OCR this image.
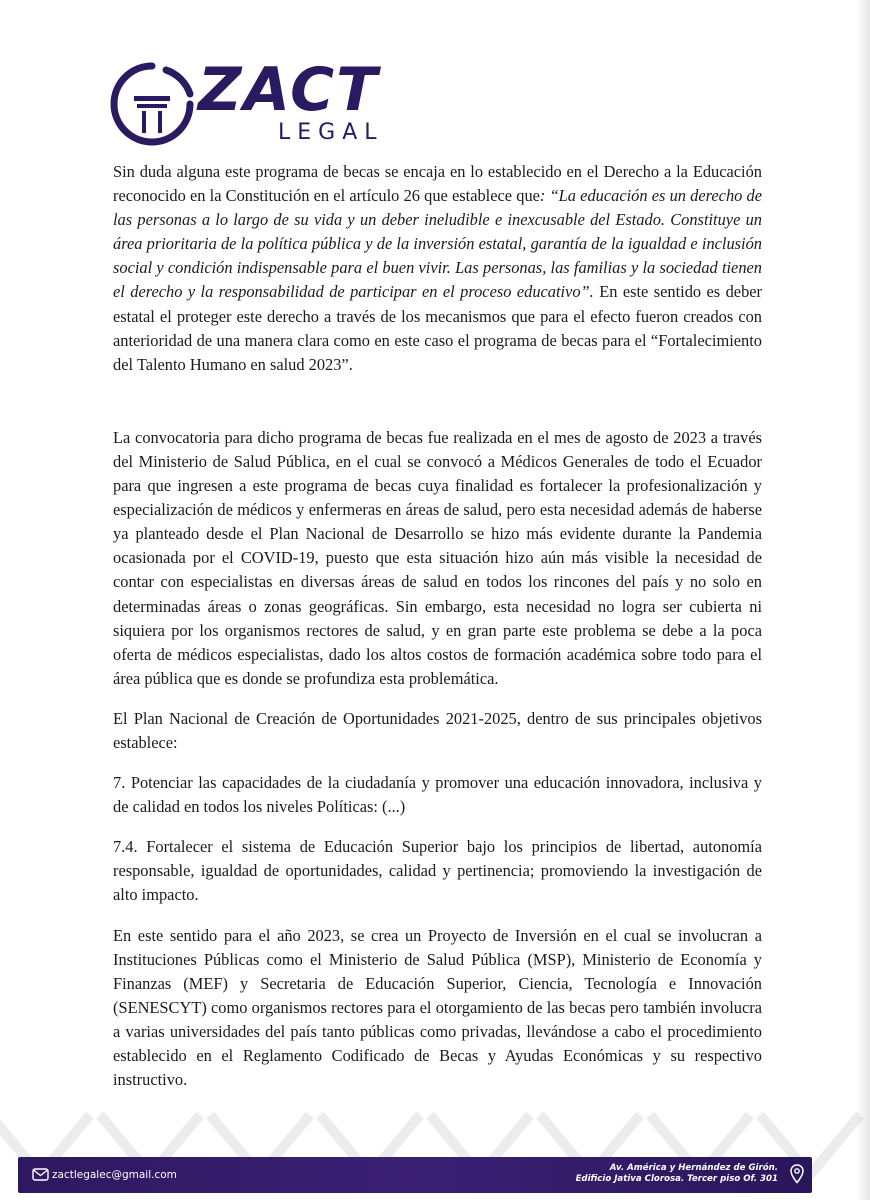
ZACT
LEGAL

Sin duda alguna este programa de becas se encaja en lo establecido en el Derecho a la Educación reconocido en la Constitución en el artículo 26 que establece que: “La educación es un derecho de las personas a lo largo de su vida y un deber ineludible e inexcusable del Estado. Constituye un área prioritaria de la política pública y de la inversión estatal, garantía de la igualdad e inclusión social y condición indispensable para el buen vivir. Las personas, las familias y la sociedad tienen el derecho y la responsabilidad de participar en el proceso educativo”. En este sentido es deber estatal el proteger este derecho a través de los mecanismos que para el efecto fueron creados con anterioridad de una manera clara como en este caso el programa de becas para el “Fortalecimiento del Talento Humano en salud 2023”.

La convocatoria para dicho programa de becas fue realizada en el mes de agosto de 2023 a través del Ministerio de Salud Pública, en el cual se convocó a Médicos Generales de todo el Ecuador para que ingresen a este programa de becas cuya finalidad es fortalecer la profesionalización y especialización de médicos y enfermeras en áreas de salud, pero esta necesidad además de haberse ya planteado desde el Plan Nacional de Desarrollo se hizo más evidente durante la Pandemia ocasionada por el COVID-19, puesto que esta situación hizo aún más visible la necesidad de contar con especialistas en diversas áreas de salud en todos los rincones del país y no solo en determinadas áreas o zonas geográficas. Sin embargo, esta necesidad no logra ser cubierta ni siquiera por los organismos rectores de salud, y en gran parte este problema se debe a la poca oferta de médicos especialistas, dado los altos costos de formación académica sobre todo para el área pública que es donde se profundiza esta problemática.

El Plan Nacional de Creación de Oportunidades 2021-2025, dentro de sus principales objetivos establece:

7. Potenciar las capacidades de la ciudadanía y promover una educación innovadora, inclusiva y de calidad en todos los niveles Políticas: (...)

7.4. Fortalecer el sistema de Educación Superior bajo los principios de libertad, autonomía responsable, igualdad de oportunidades, calidad y pertinencia; promoviendo la investigación de alto impacto.

En este sentido para el año 2023, se crea un Proyecto de Inversión en el cual se involucran a Instituciones Públicas como el Ministerio de Salud Pública (MSP), Ministerio de Economía y Finanzas (MEF) y Secretaria de Educación Superior, Ciencia, Tecnología e Innovación (SENESCYT) como organismos rectores para el otorgamiento de las becas pero también involucra a varias universidades del país tanto públicas como privadas, llevándose a cabo el procedimiento establecido en el Reglamento Codificado de Becas y Ayudas Económicas y su respectivo instructivo.

zactlegalec@gmail.com
Av. América y Hernández de Girón.
Edificio Jativa Clorosa. Tercer piso Of. 301
